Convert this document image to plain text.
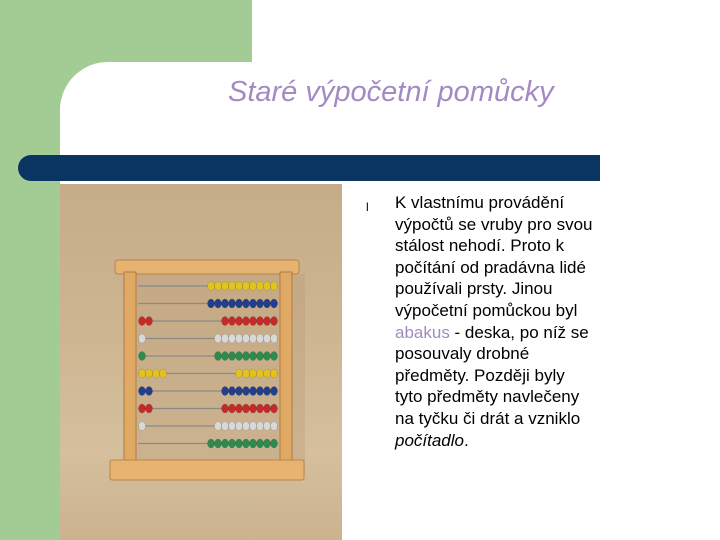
Staré výpočetní pomůcky
l K vlastnímu provádění
výpočtů se vruby pro svou
stálost nehodí. Proto k
počítání od pradávna lidé
používali prsty. Jinou
výpočetní pomůckou byl
abakus - deska, po níž se
posouvaly drobné
předměty. Později byly
tyto předměty navlečeny
na tyčku či drát a vzniklo
počítadlo.
